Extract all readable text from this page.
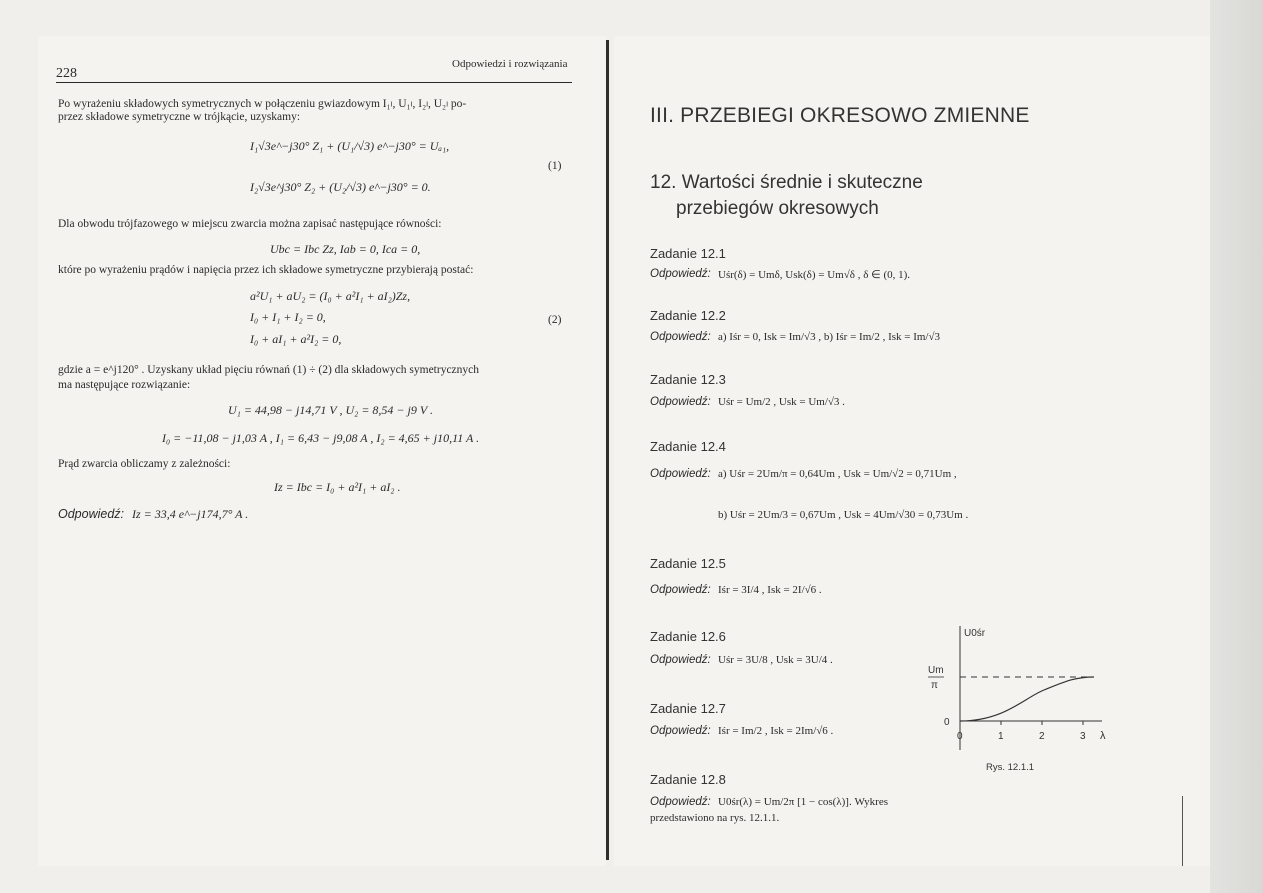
228
Odpowiedzi i rozwiązania
Po wyrażeniu składowych symetrycznych w połączeniu gwiazdowym I₁ₗ, U₁ₗ, I₂ₗ, U₂ₗ po-
przez składowe symetryczne w trójkącie, uzyskamy:
I₁√3e^−j30° Z₁ + (U₁/√3) e^−j30° = Uₐ₁,
(1)
I₂√3e^j30° Z₂ + (U₂/√3) e^−j30° = 0.
Dla obwodu trójfazowego w miejscu zwarcia można zapisać następujące równości:
Ubc = Ibc Zz, Iab = 0, Ica = 0,
które po wyrażeniu prądów i napięcia przez ich składowe symetryczne przybierają postać:
a²U₁ + aU₂ = (I₀ + a²I₁ + aI₂)Zz,
I₀ + I₁ + I₂ = 0,	(2)
I₀ + aI₁ + a²I₂ = 0,
gdzie a = e^j120° . Uzyskany układ pięciu równań (1) ÷ (2) dla składowych symetrycznych
ma następujące rozwiązanie:
U₁ = 44,98 − j14,71 V , U₂ = 8,54 − j9 V .
I₀ = −11,08 − j1,03 A , I₁ = 6,43 − j9,08 A , I₂ = 4,65 + j10,11 A .
Prąd zwarcia obliczamy z zależności:
Iz = Ibc = I₀ + a²I₁ + aI₂ .
Odpowiedź: Iz = 33,4 e^−j174,7° A .
III. PRZEBIEGI OKRESOWO ZMIENNE
12. Wartości średnie i skuteczne
przebiegów okresowych
Zadanie 12.1
Odpowiedź: Uśr(δ) = Umδ, Usk(δ) = Um√δ , δ ∈ (0, 1).
Zadanie 12.2
Odpowiedź: a) Iśr = 0, Isk = Im/√3 , b) Iśr = Im/2 , Isk = Im/√3
Zadanie 12.3
Odpowiedź: Uśr = Um/2 , Usk = Um/√3 .
Zadanie 12.4
Odpowiedź: a) Uśr = 2Um/π = 0,64Um , Usk = Um/√2 = 0,71Um ,
b) Uśr = 2Um/3 = 0,67Um , Usk = 4Um/√30 = 0,73Um .
Zadanie 12.5
Odpowiedź: Iśr = 3I/4 , Isk = 2I/√6 .
Zadanie 12.6
Odpowiedź: Uśr = 3U/8 , Usk = 3U/4 .
Zadanie 12.7
Odpowiedź: Iśr = Im/2 , Isk = 2Im/√6 .
Zadanie 12.8
Odpowiedź: U0śr(λ) = Um/2π [1 − cos(λ)]. Wykres
przedstawiono na rys. 12.1.1.
U0śr
Um
π
0
0	1	2	3 λ
Rys. 12.1.1
